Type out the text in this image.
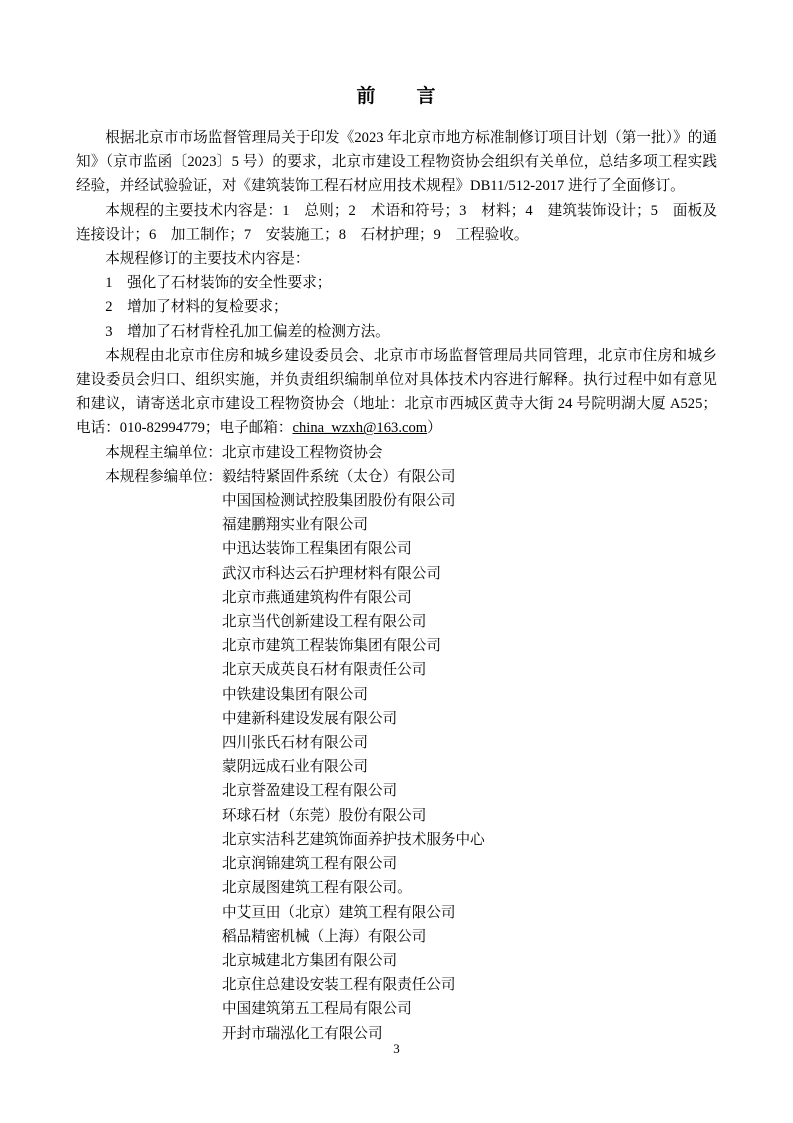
前　　言

根据北京市市场监督管理局关于印发《2023 年北京市地方标准制修订项目计划（第一批）》的通知》（京市监函〔2023〕5 号）的要求，北京市建设工程物资协会组织有关单位，总结多项工程实践经验，并经试验验证，对《建筑装饰工程石材应用技术规程》DB11/512-2017 进行了全面修订。

本规程的主要技术内容是：1　总则；2　术语和符号；3　材料；4　建筑装饰设计；5　面板及连接设计；6　加工制作；7　安装施工；8　石材护理；9　工程验收。

本规程修订的主要技术内容是：

1　强化了石材装饰的安全性要求；

2　增加了材料的复检要求；

3　增加了石材背栓孔加工偏差的检测方法。

本规程由北京市住房和城乡建设委员会、北京市市场监督管理局共同管理，北京市住房和城乡建设委员会归口、组织实施，并负责组织编制单位对具体技术内容进行解释。执行过程中如有意见和建议，请寄送北京市建设工程物资协会（地址：北京市西城区黄寺大街 24 号院明湖大厦 A525；电话：010-82994779；电子邮箱：china_wzxh@163.com）

本规程主编单位：北京市建设工程物资协会

本规程参编单位：毅结特紧固件系统（太仓）有限公司

中国国检测试控股集团股份有限公司

福建鹏翔实业有限公司

中迅达装饰工程集团有限公司

武汉市科达云石护理材料有限公司

北京市燕通建筑构件有限公司

北京当代创新建设工程有限公司

北京市建筑工程装饰集团有限公司

北京天成英良石材有限责任公司

中铁建设集团有限公司

中建新科建设发展有限公司

四川张氏石材有限公司

蒙阴远成石业有限公司

北京誉盈建设工程有限公司

环球石材（东莞）股份有限公司

北京实洁科艺建筑饰面养护技术服务中心

北京润锦建筑工程有限公司

北京晟图建筑工程有限公司。

中艾亘田（北京）建筑工程有限公司

稻品精密机械（上海）有限公司

北京城建北方集团有限公司

北京住总建设安装工程有限责任公司

中国建筑第五工程局有限公司

开封市瑞泓化工有限公司

3
